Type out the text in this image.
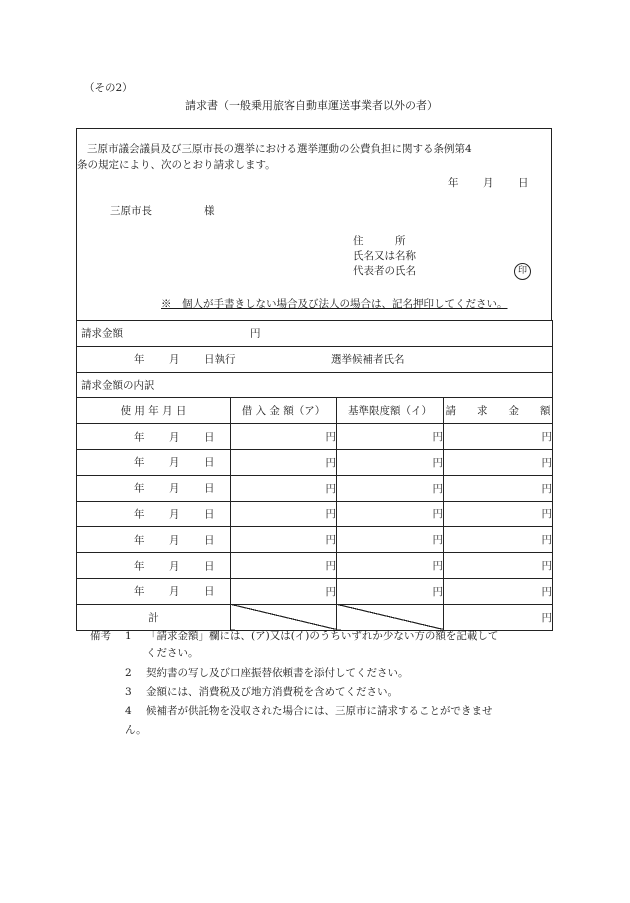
（その2）
請求書（一般乗用旅客自動車運送事業者以外の者）
三原市議会議員及び三原市長の選挙における選挙運動の公費負担に関する条例第4
条の規定により、次のとおり請求します。
年 月 日
三原市長	様
住　　　所
氏名又は名称
代表者の氏名	印
※　個人が手書きしない場合及び法人の場合は、記名押印してください。
請求金額 円			

年 月 日執行 選挙候補者氏名			

請求金額の内訳			

使 用 年 月 日	借 入 金 額（ア）	基準限度額（イ）	請　　求　　金　　額

年 月 日	円	円	円

年 月 日	円	円	円

年 月 日	円	円	円

年 月 日	円	円	円

年 月 日	円	円	円

年 月 日	円	円	円

年 月 日	円	円	円
計			円
備考 1 「請求金額」欄には、(ア)又は(イ)のうちいずれか少ない方の額を記載して
ください。
2 契約書の写し及び口座振替依頼書を添付してください。
3 金額には、消費税及び地方消費税を含めてください。
4 候補者が供託物を没収された場合には、三原市に請求することができませ
ん。
